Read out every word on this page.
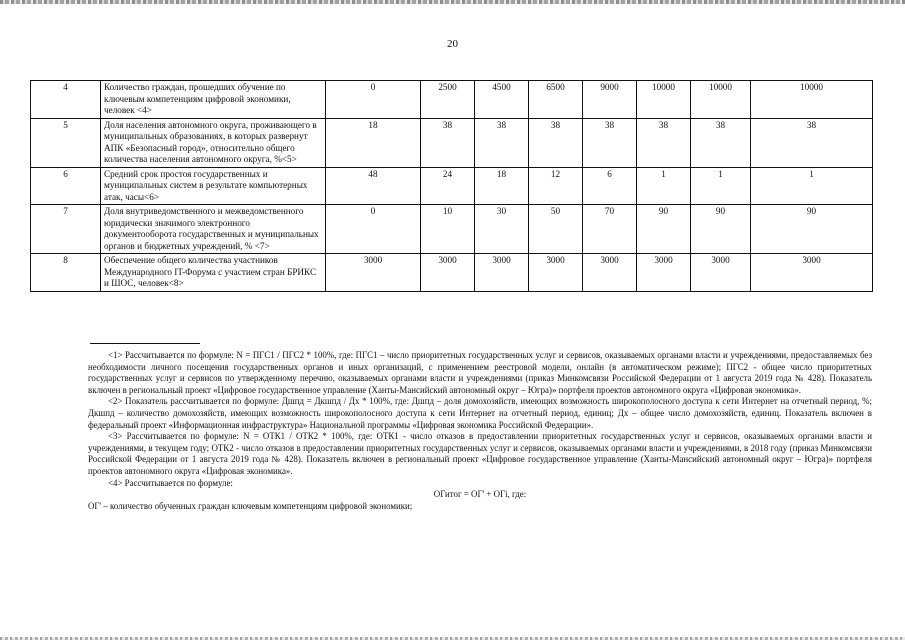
20
4	Количество граждан, прошедших обучение по ключевым компетенциям цифровой экономики, человек <4>	0	2500	4500	6500	9000	10000	10000	10000
5	Доля населения автономного округа, проживающего в муниципальных образованиях, в которых развернут АПК «Безопасный город», относительно общего количества населения автономного округа, %<5>	18	38	38	38	38	38	38	38
6	Средний срок простоя государственных и муниципальных систем в результате компьютерных атак, часы<6>	48	24	18	12	6	1	1	1
7	Доля внутриведомственного и межведомственного юридически значимого электронного документооборота государственных и муниципальных органов и бюджетных учреждений, % <7>	0	10	30	50	70	90	90	90
8	Обеспечение общего количества участников Международного IT-Форума с участием стран БРИКС и ШОС, человек<8>	3000	3000	3000	3000	3000	3000	3000	3000

<1> Рассчитывается по формуле: N = ПГС1 / ПГС2 * 100%, где: ПГС1 – число приоритетных государственных услуг и сервисов, оказываемых органами власти и учреждениями, предоставляемых без необходимости личного посещения государственных органов и иных организаций, с применением реестровой модели, онлайн (в автоматическом режиме); ПГС2 - общее число приоритетных государственных услуг и сервисов по утвержденному перечню, оказываемых органами власти и учреждениями (приказ Минкомсвязи Российской Федерации от 1 августа 2019 года № 428). Показатель включен в региональный проект «Цифровое государственное управление (Ханты-Мансийский автономный округ – Югра)» портфеля проектов автономного округа «Цифровая экономика».

<2> Показатель рассчитывается по формуле: Дшпд = Дкшпд / Дх * 100%, где: Дшпд – доля домохозяйств, имеющих возможность широкополосного доступа к сети Интернет на отчетный период, %; Дкшпд – количество домохозяйств, имеющих возможность широкополосного доступа к сети Интернет на отчетный период, единиц; Дх – общее число домохозяйств, единиц. Показатель включен в федеральный проект «Информационная инфраструктура» Национальной программы «Цифровая экономика Российской Федерации».

<3> Рассчитывается по формуле: N = ОТК1 / ОТК2 * 100%, где: ОТК1 - число отказов в предоставлении приоритетных государственных услуг и сервисов, оказываемых органами власти и учреждениями, в текущем году; ОТК2 - число отказов в предоставлении приоритетных государственных услуг и сервисов, оказываемых органами власти и учреждениями, в 2018 году (приказ Минкомсвязи Российской Федерации от 1 августа 2019 года № 428). Показатель включен в региональный проект «Цифровое государственное управление (Ханты-Мансийский автономный округ – Югра)» портфеля проектов автономного округа «Цифровая экономика».

<4> Рассчитывается по формуле:

ОГитог = ОГ' + ОГi, где:

ОГ' – количество обученных граждан ключевым компетенциям цифровой экономики;
